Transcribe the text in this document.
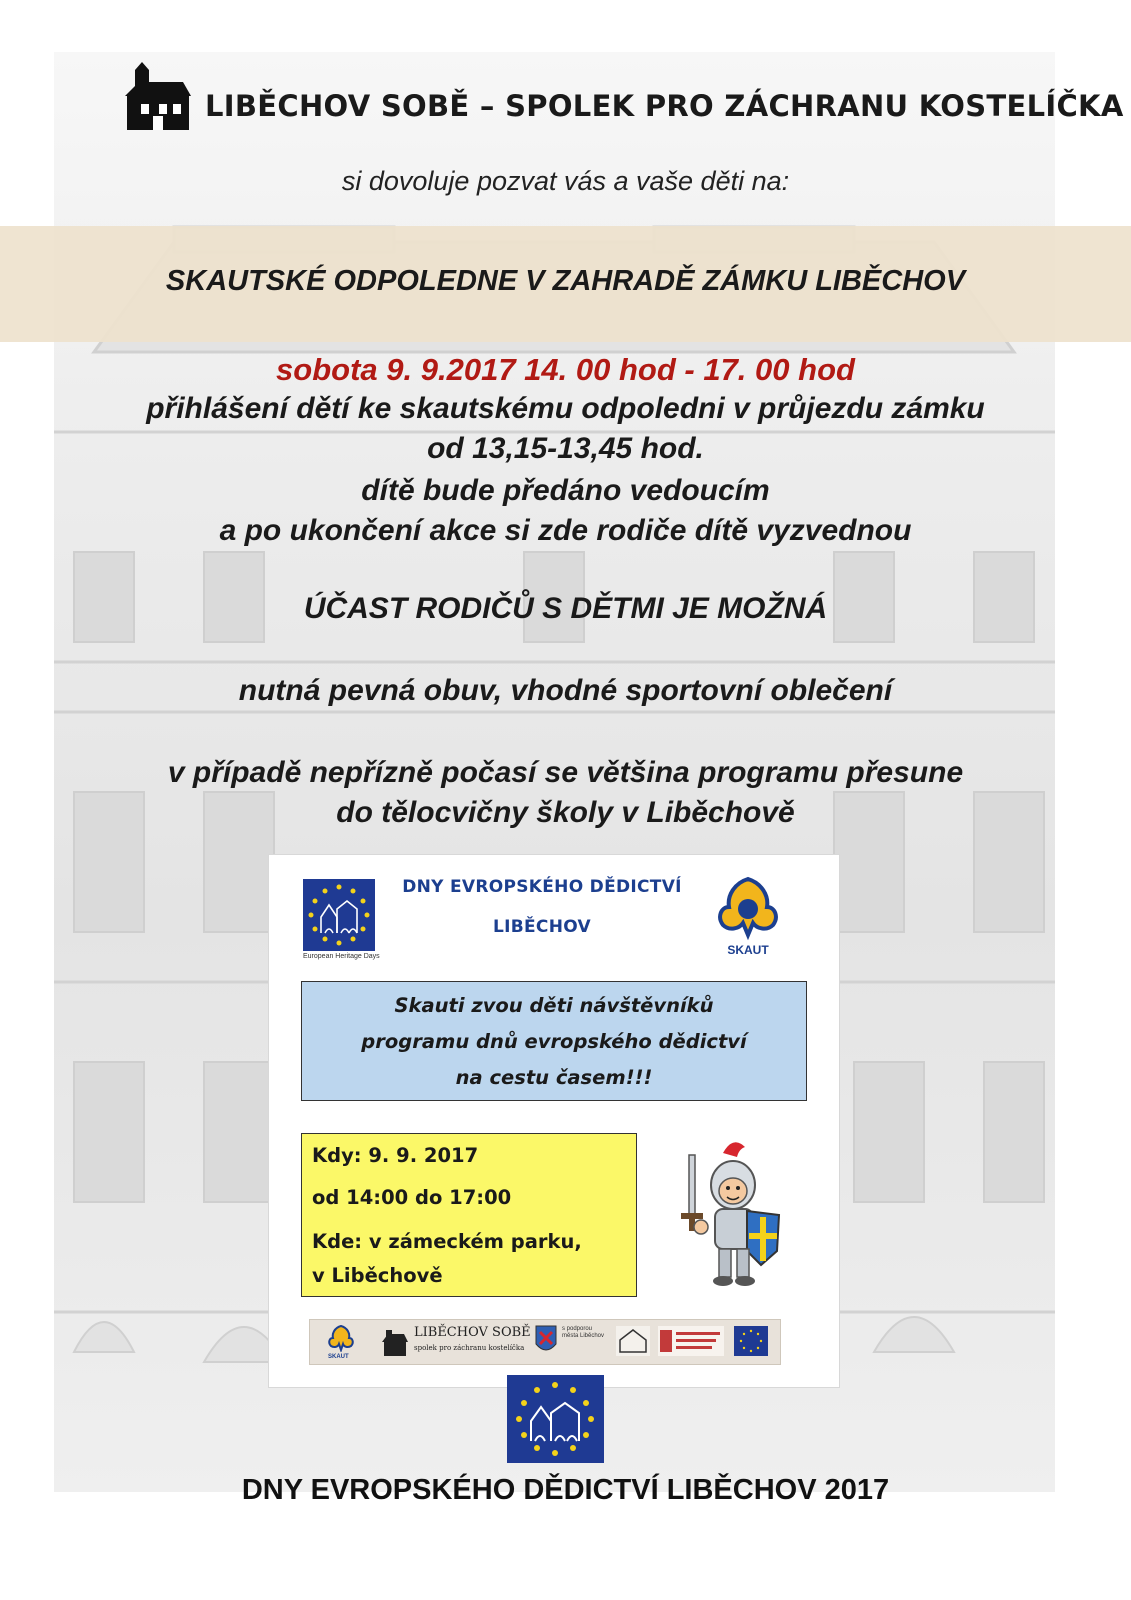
LIBĚCHOV SOBĚ – SPOLEK PRO ZÁCHRANU KOSTELÍČKA
si dovoluje pozvat vás a vaše děti na:
SKAUTSKÉ ODPOLEDNE V ZAHRADĚ ZÁMKU LIBĚCHOV
sobota 9. 9.2017 14. 00 hod - 17. 00 hod
přihlášení dětí ke skautskému odpoledni v průjezdu zámku
od 13,15-13,45 hod.
dítě bude předáno vedoucím
a po ukončení akce si zde rodiče dítě vyzvednou
ÚČAST RODIČŮ S DĚTMI JE MOŽNÁ
nutná pevná obuv, vhodné sportovní oblečení
v případě nepřízně počasí se většina programu přesune
do tělocvičny školy v Liběchově
European Heritage Days
DNY EVROPSKÉHO DĚDICTVÍ
LIBĚCHOV
SKAUT
Skauti zvou děti návštěvníků
programu dnů evropského dědictví
na cestu časem!!!
Kdy: 9. 9. 2017
od 14:00 do 17:00
Kde: v zámeckém parku,
v Liběchově
SKAUT
LIBĚCHOV SOBĚ
spolek pro záchranu kostelíčka
s podporou města Liběchov
DNY EVROPSKÉHO DĚDICTVÍ LIBĚCHOV 2017
